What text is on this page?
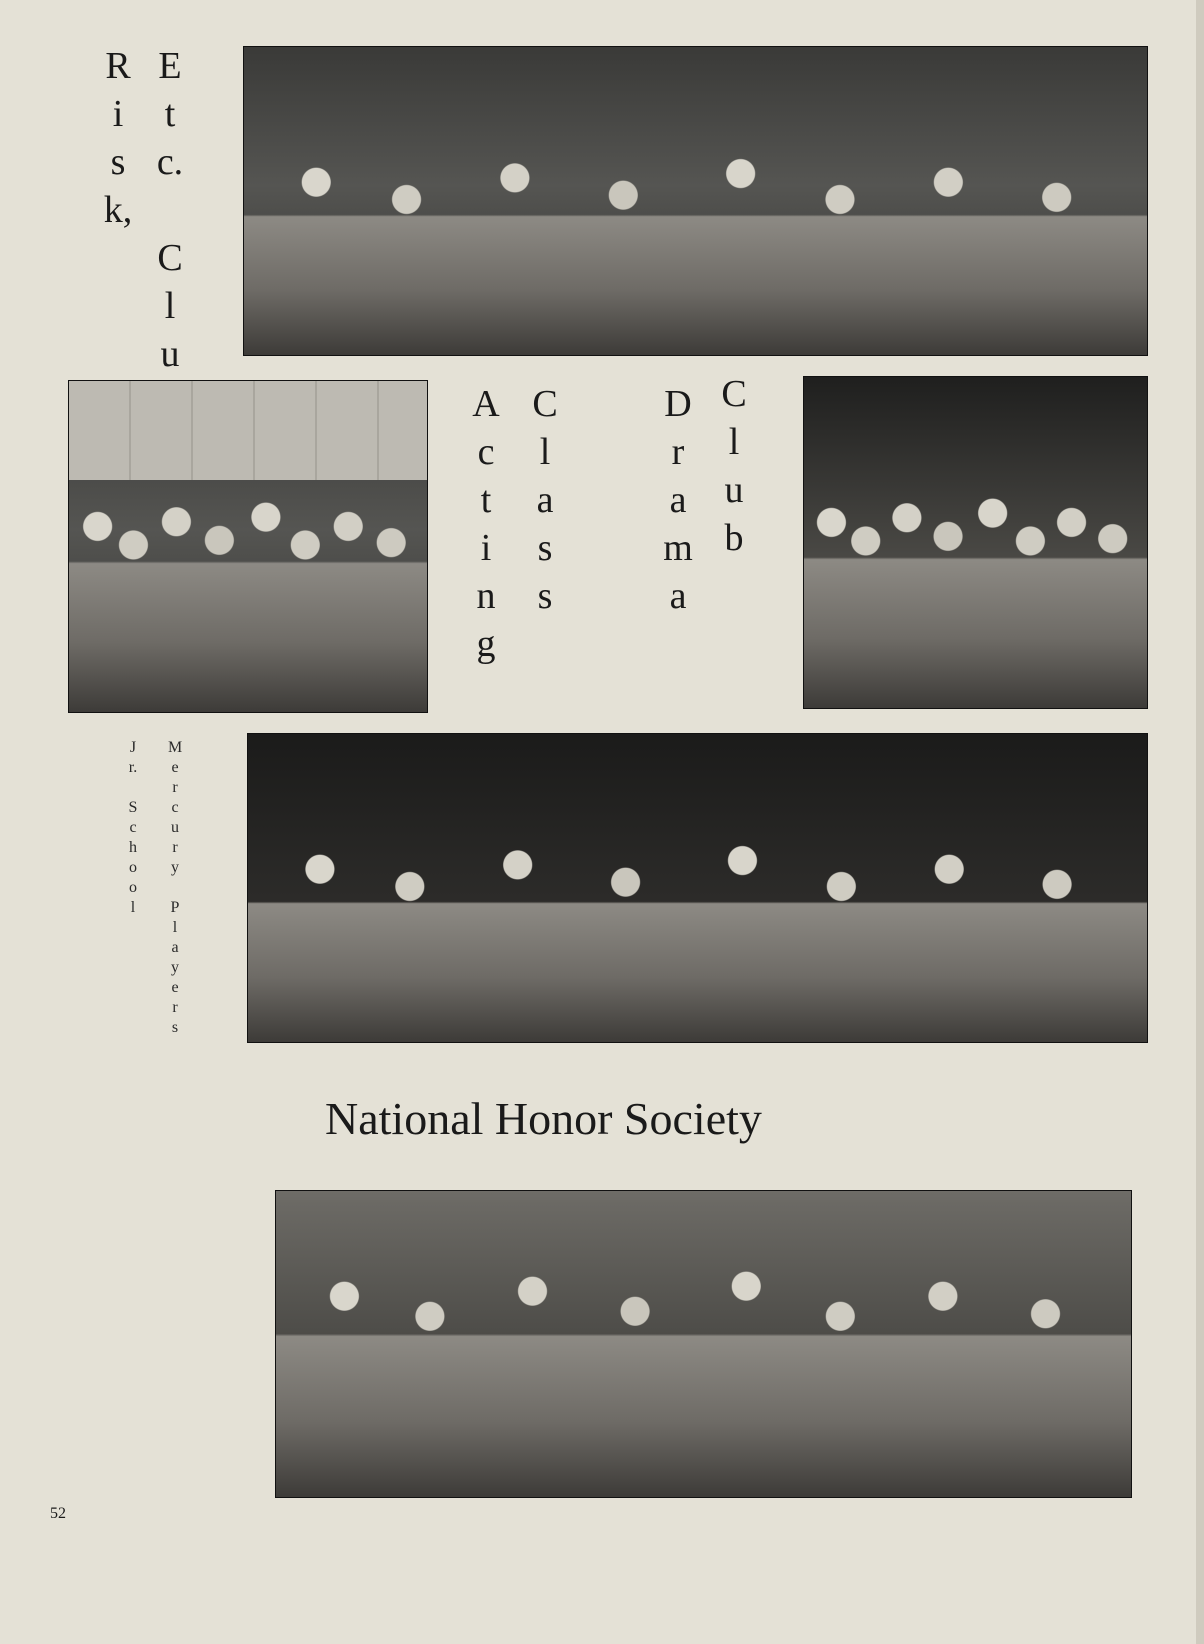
R
i
s
k,
E
t
c.

C
l
u
A
c
t
i
n
g
C
l
a
s
s
D
r
a
m
a
C
l
u
b
J
r.

S
c
h
o
o
l
M
e
r
c
u
r
y

P
l
a
y
e
r
s
National Honor Society
52
